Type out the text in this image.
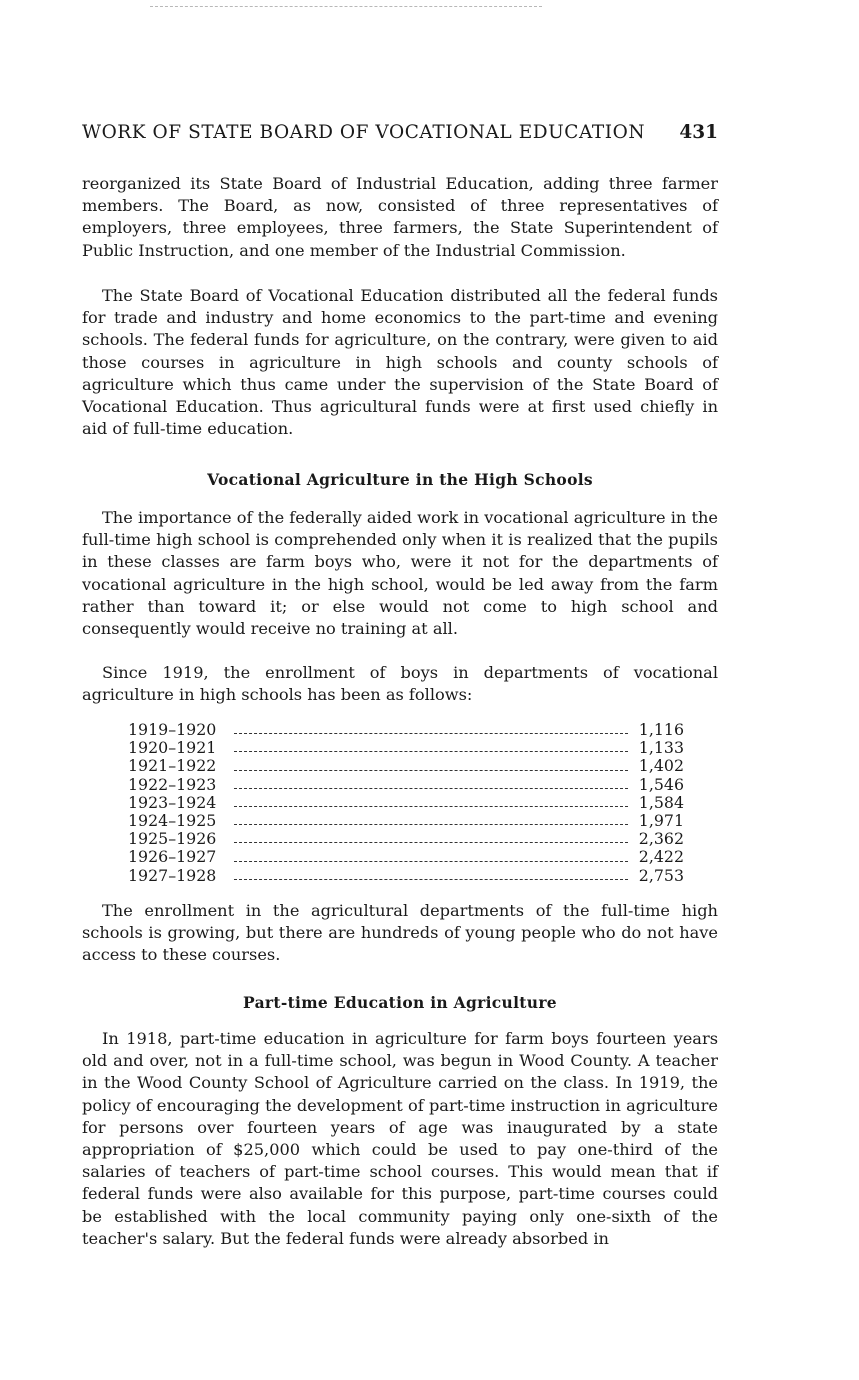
WORK OF STATE BOARD OF VOCATIONAL EDUCATION 431

reorganized its State Board of Industrial Education, adding three farmer members. The Board, as now, consisted of three representatives of employers, three employees, three farmers, the State Superintendent of Public Instruction, and one member of the Industrial Commission.

The State Board of Vocational Education distributed all the federal funds for trade and industry and home economics to the part-time and evening schools. The federal funds for agriculture, on the contrary, were given to aid those courses in agriculture in high schools and county schools of agriculture which thus came under the supervision of the State Board of Vocational Education. Thus agricultural funds were at first used chiefly in aid of full-time education.

Vocational Agriculture in the High Schools

The importance of the federally aided work in vocational agriculture in the full-time high school is comprehended only when it is realized that the pupils in these classes are farm boys who, were it not for the departments of vocational agriculture in the high school, would be led away from the farm rather than toward it; or else would not come to high school and consequently would receive no training at all.

Since 1919, the enrollment of boys in departments of vocational agriculture in high schools has been as follows:

1919–1920	1,116
1920–1921	1,133
1921–1922	1,402
1922–1923	1,546
1923–1924	1,584
1924–1925	1,971
1925–1926	2,362
1926–1927	2,422
1927–1928	2,753

The enrollment in the agricultural departments of the full-time high schools is growing, but there are hundreds of young people who do not have access to these courses.

Part-time Education in Agriculture

In 1918, part-time education in agriculture for farm boys fourteen years old and over, not in a full-time school, was begun in Wood County. A teacher in the Wood County School of Agriculture carried on the class. In 1919, the policy of encouraging the development of part-time instruction in agriculture for persons over fourteen years of age was inaugurated by a state appropriation of $25,000 which could be used to pay one-third of the salaries of teachers of part-time school courses. This would mean that if federal funds were also available for this purpose, part-time courses could be established with the local community paying only one-sixth of the teacher's salary. But the federal funds were already absorbed in
